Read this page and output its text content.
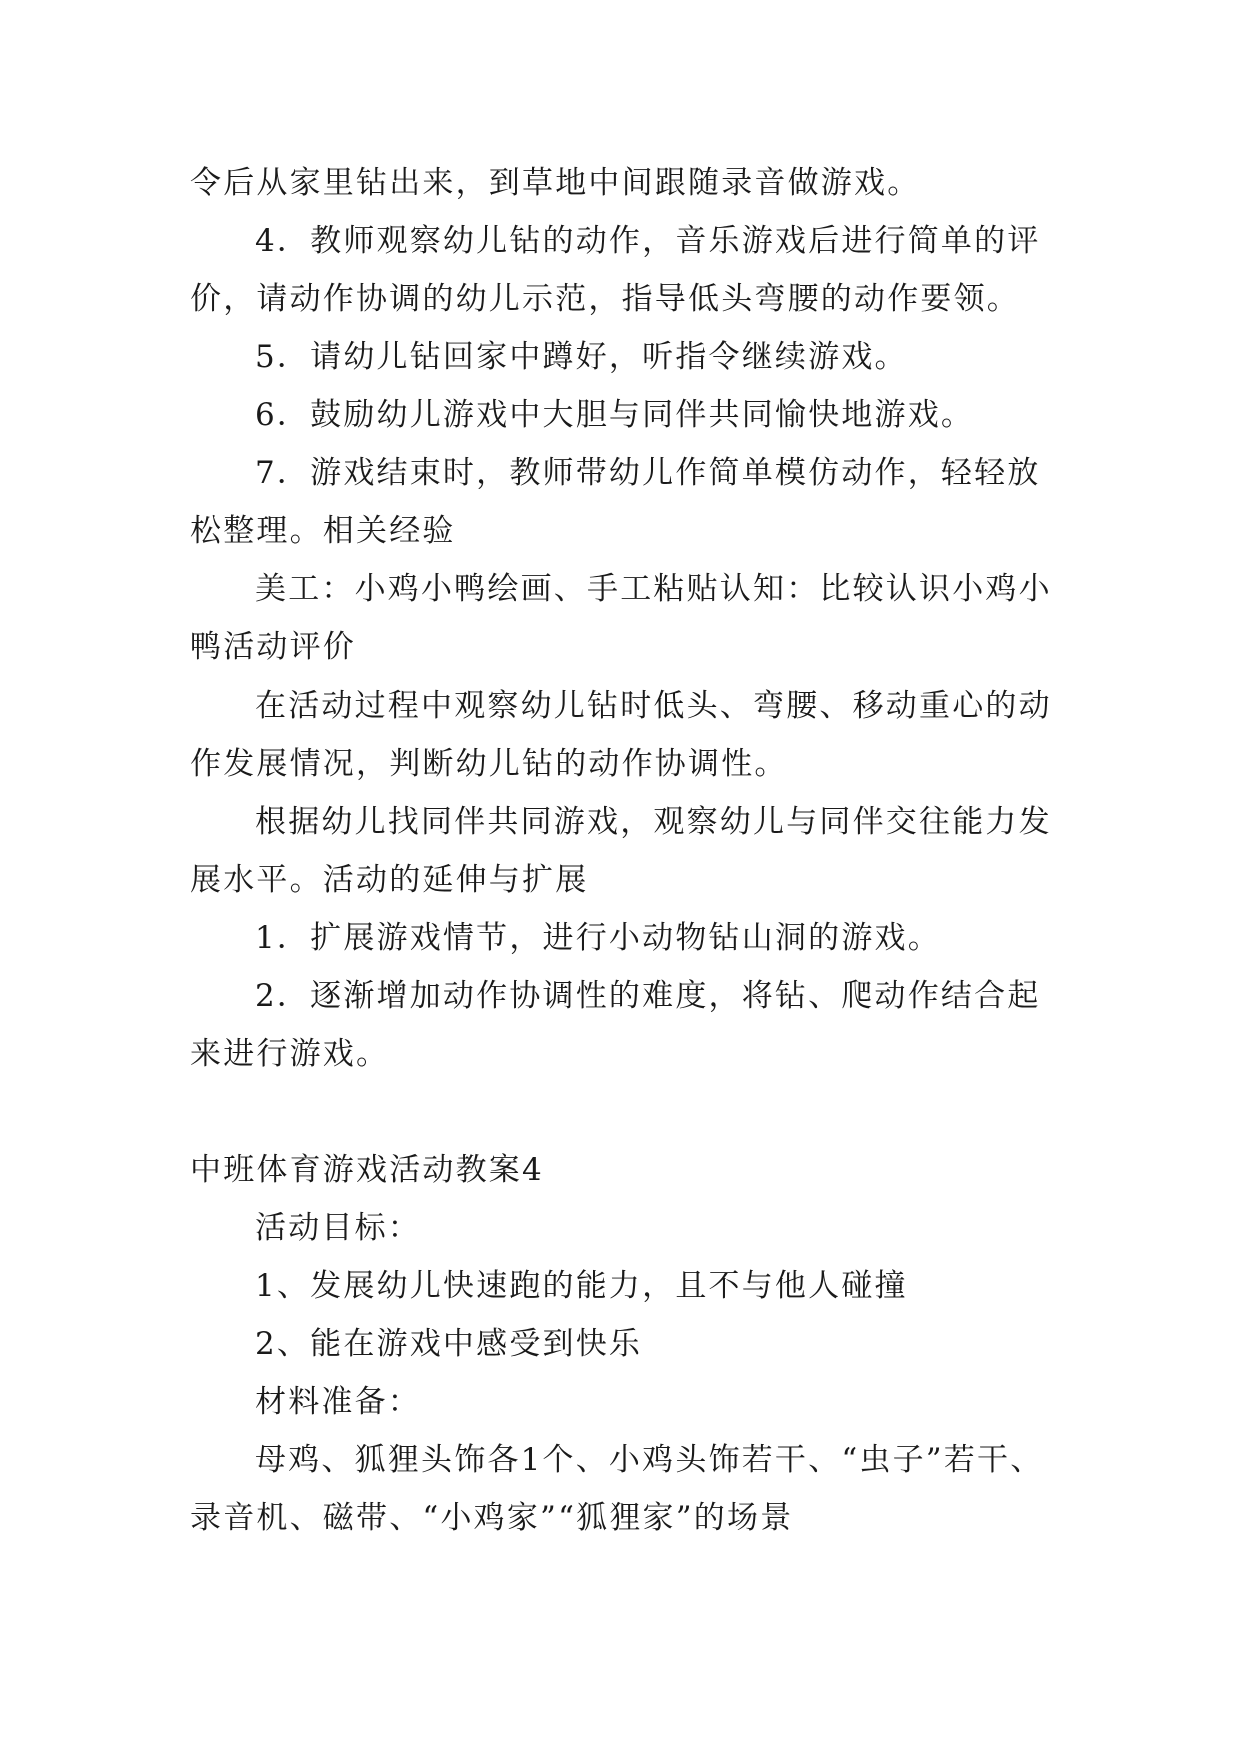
令后从家里钻出来，到草地中间跟随录音做游戏。
4．教师观察幼儿钻的动作，音乐游戏后进行简单的评
价，请动作协调的幼儿示范，指导低头弯腰的动作要领。
5．请幼儿钻回家中蹲好，听指令继续游戏。
6．鼓励幼儿游戏中大胆与同伴共同愉快地游戏。
7．游戏结束时，教师带幼儿作简单模仿动作，轻轻放
松整理。相关经验
美工：小鸡小鸭绘画、手工粘贴认知：比较认识小鸡小
鸭活动评价
在活动过程中观察幼儿钻时低头、弯腰、移动重心的动
作发展情况，判断幼儿钻的动作协调性。
根据幼儿找同伴共同游戏，观察幼儿与同伴交往能力发
展水平。活动的延伸与扩展
1．扩展游戏情节，进行小动物钻山洞的游戏。
2．逐渐增加动作协调性的难度，将钻、爬动作结合起
来进行游戏。
中班体育游戏活动教案4
活动目标：
1、发展幼儿快速跑的能力，且不与他人碰撞
2、能在游戏中感受到快乐
材料准备：
母鸡、狐狸头饰各1个、小鸡头饰若干、“虫子”若干、
录音机、磁带、“小鸡家”“狐狸家”的场景
